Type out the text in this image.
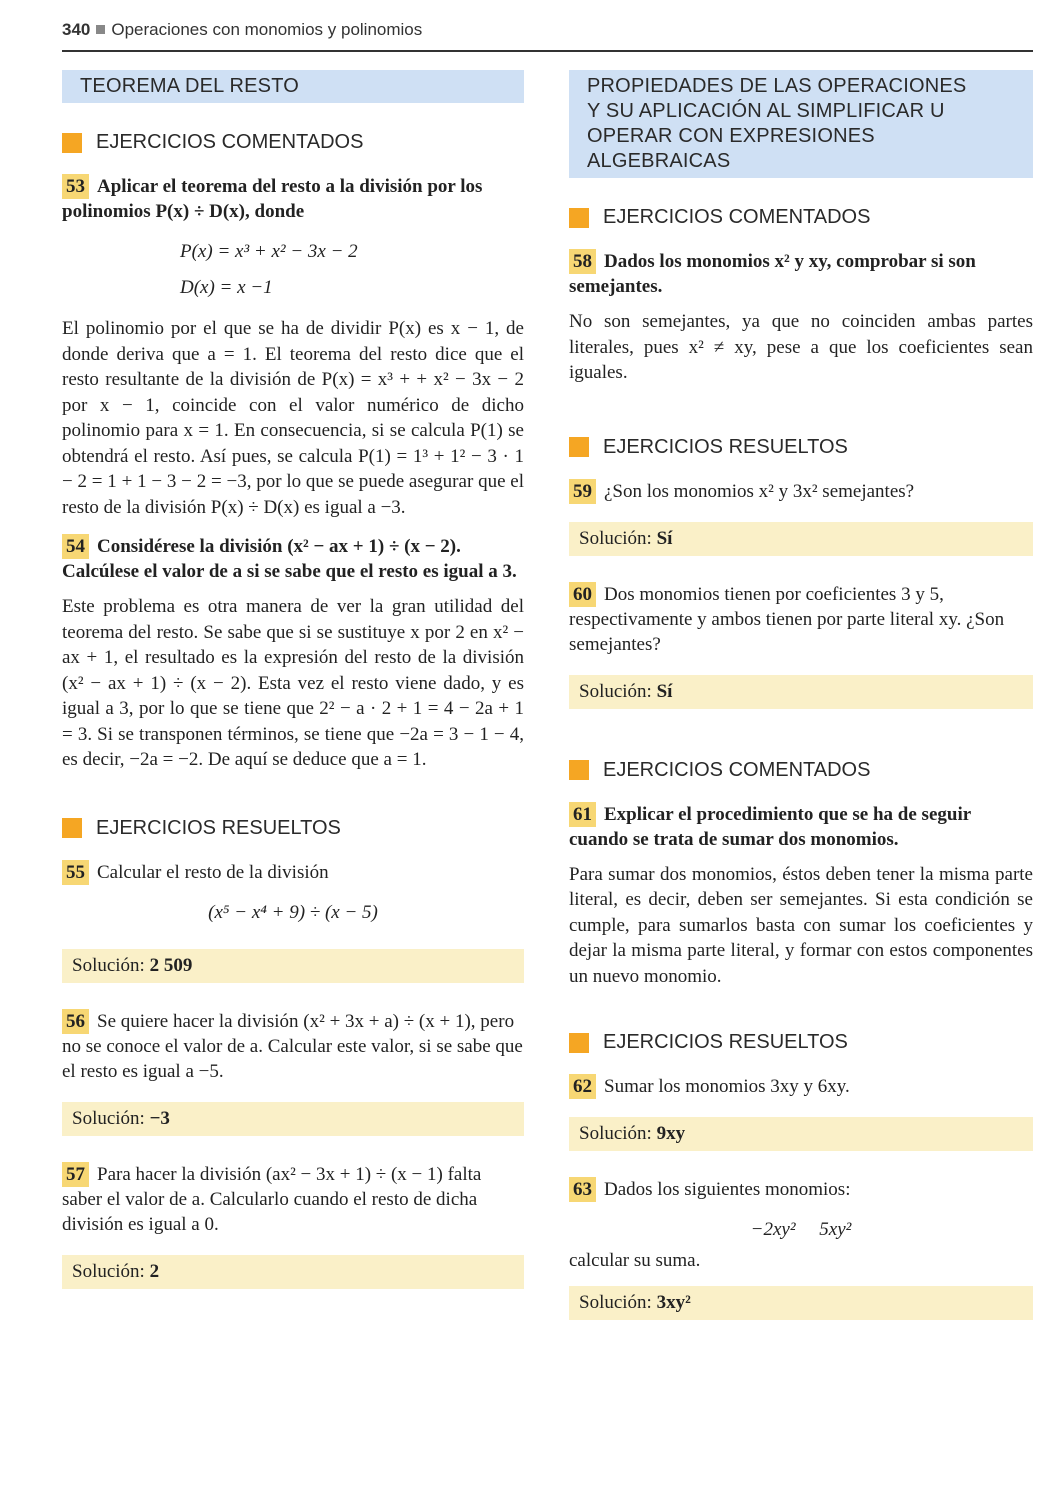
340 Operaciones con monomios y polinomios
TEOREMA DEL RESTO
EJERCICIOS COMENTADOS
53 Aplicar el teorema del resto a la división por los polinomios P(x) ÷ D(x), donde
P(x) = x³ + x² − 3x − 2
D(x) = x −1
El polinomio por el que se ha de dividir P(x) es x − 1, de donde deriva que a = 1. El teorema del resto dice que el resto resultante de la división de P(x) = x³ + + x² − 3x − 2 por x − 1, coincide con el valor numérico de dicho polinomio para x = 1. En consecuencia, si se calcula P(1) se obtendrá el resto. Así pues, se calcula P(1) = 1³ + 1² − 3 · 1 − 2 = 1 + 1 − 3 − 2 = −3, por lo que se puede asegurar que el resto de la división P(x) ÷ D(x) es igual a −3.
54 Considérese la división (x² − ax + 1) ÷ (x − 2). Calcúlese el valor de a si se sabe que el resto es igual a 3.
Este problema es otra manera de ver la gran utilidad del teorema del resto. Se sabe que si se sustituye x por 2 en x² − ax + 1, el resultado es la expresión del resto de la división (x² − ax + 1) ÷ (x − 2). Esta vez el resto viene dado, y es igual a 3, por lo que se tiene que 2² − a · 2 + 1 = 4 − 2a + 1 = 3. Si se transponen términos, se tiene que −2a = 3 − 1 − 4, es decir, −2a = −2. De aquí se deduce que a = 1.
EJERCICIOS RESUELTOS
55 Calcular el resto de la división
(x⁵ − x⁴ + 9) ÷ (x − 5)
Solución: 2 509
56 Se quiere hacer la división (x² + 3x + a) ÷ (x + 1), pero no se conoce el valor de a. Calcular este valor, si se sabe que el resto es igual a −5.
Solución: −3
57 Para hacer la división (ax² − 3x + 1) ÷ (x − 1) falta saber el valor de a. Calcularlo cuando el resto de dicha división es igual a 0.
Solución: 2
PROPIEDADES DE LAS OPERACIONES
Y SU APLICACIÓN AL SIMPLIFICAR U
OPERAR CON EXPRESIONES ALGEBRAICAS
EJERCICIOS COMENTADOS
58 Dados los monomios x² y xy, comprobar si son semejantes.
No son semejantes, ya que no coinciden ambas partes literales, pues x² ≠ xy, pese a que los coeficientes sean iguales.
EJERCICIOS RESUELTOS
59 ¿Son los monomios x² y 3x² semejantes?
Solución: Sí
60 Dos monomios tienen por coeficientes 3 y 5, respectivamente y ambos tienen por parte literal xy. ¿Son semejantes?
Solución: Sí
EJERCICIOS COMENTADOS
61 Explicar el procedimiento que se ha de seguir cuando se trata de sumar dos monomios.
Para sumar dos monomios, éstos deben tener la misma parte literal, es decir, deben ser semejantes. Si esta condición se cumple, para sumarlos basta con sumar los coeficientes y dejar la misma parte literal, y formar con estos componentes un nuevo monomio.
EJERCICIOS RESUELTOS
62 Sumar los monomios 3xy y 6xy.
Solución: 9xy
63 Dados los siguientes monomios:
−2xy²     5xy²
calcular su suma.
Solución: 3xy²
